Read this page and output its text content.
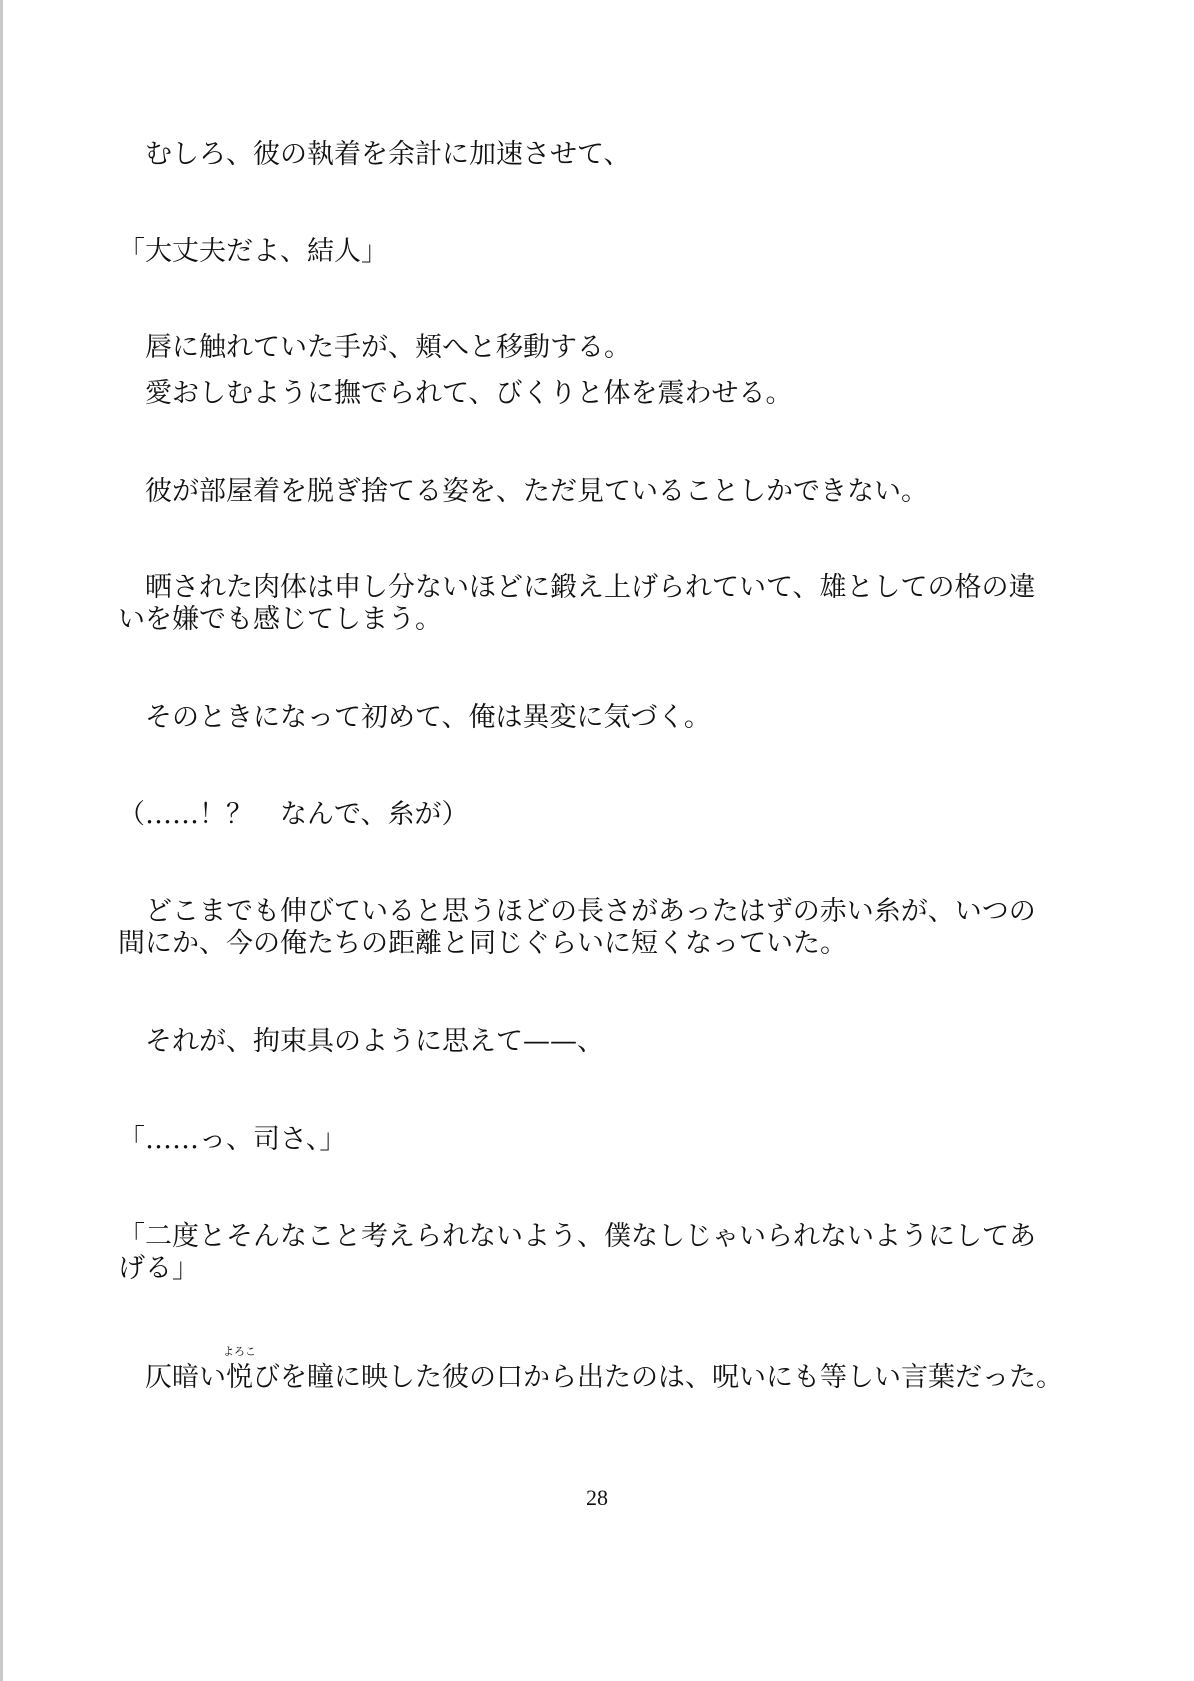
　むしろ、彼の執着を余計に加速させて、
「大丈夫だよ、結人」
　唇に触れていた手が、頬へと移動する。
　愛おしむように撫でられて、びくりと体を震わせる。
　彼が部屋着を脱ぎ捨てる姿を、ただ見ていることしかできない。
　晒された肉体は申し分ないほどに鍛え上げられていて、雄としての格の違
いを嫌でも感じてしまう。
　そのときになって初めて、俺は異変に気づく。
（……！？　なんで、糸が）
　どこまでも伸びていると思うほどの長さがあったはずの赤い糸が、いつの
間にか、今の俺たちの距離と同じぐらいに短くなっていた。
　それが、拘束具のように思えて——、
「……っ、司さ、」
「二度とそんなこと考えられないよう、僕なしじゃいられないようにしてあ
げる」
　仄暗い悦
よろこ
びを瞳に映した彼の口から出たのは、呪いにも等しい言葉だった。
28
